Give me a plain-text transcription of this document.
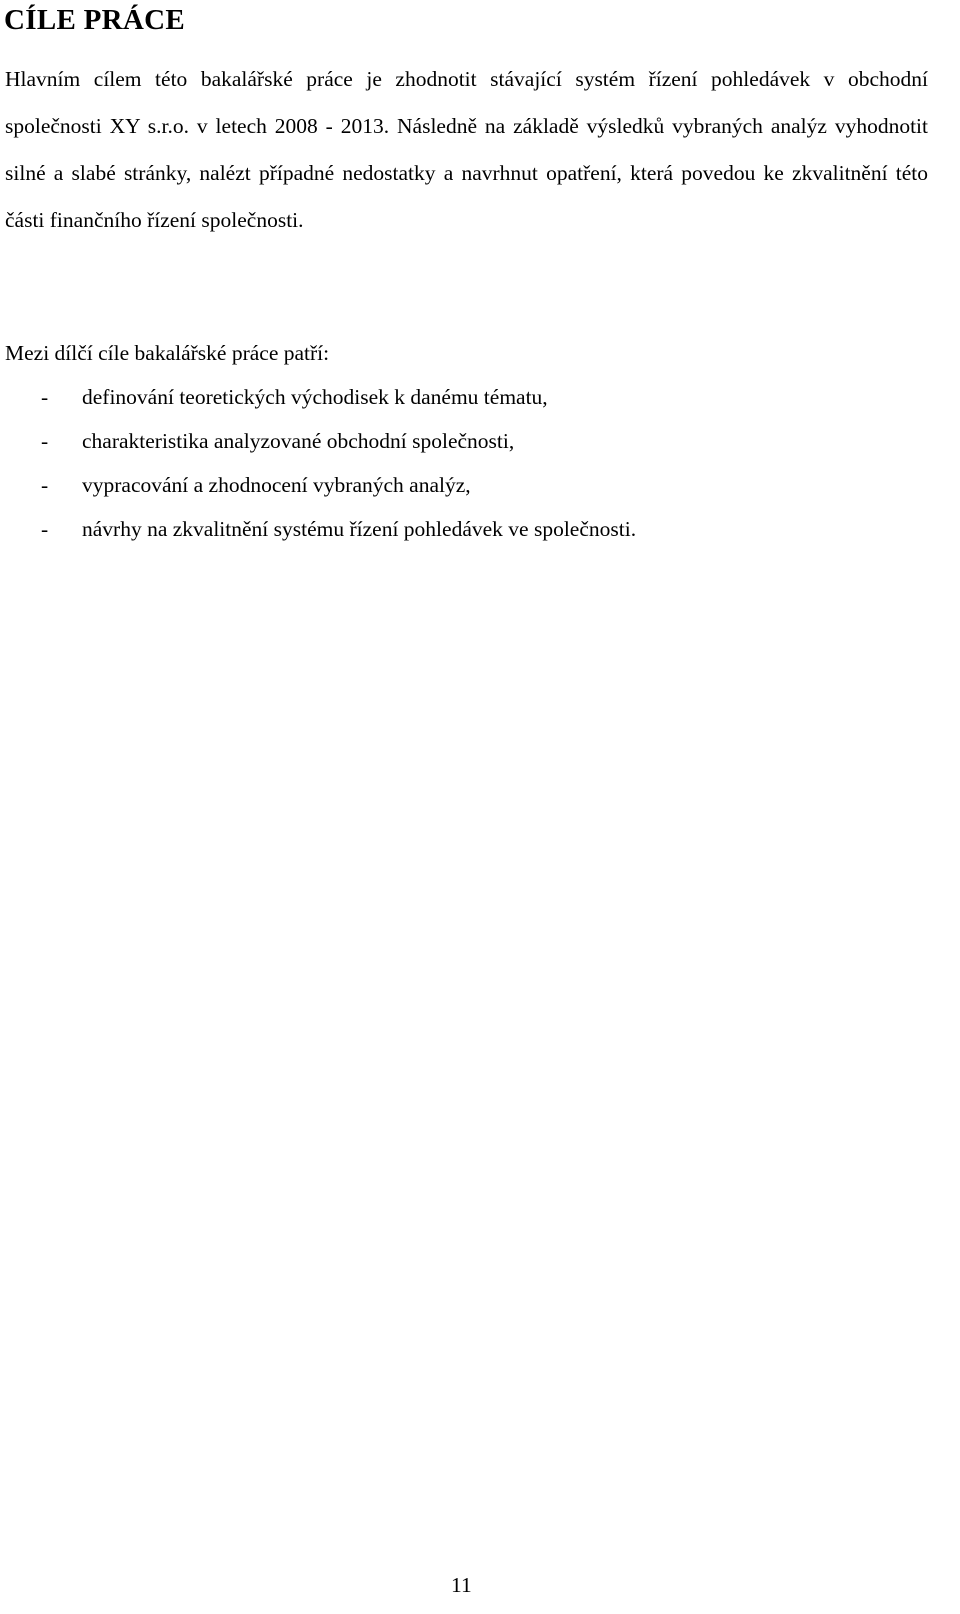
CÍLE PRÁCE

Hlavním cílem této bakalářské práce je zhodnotit stávající systém řízení pohledávek v obchodní společnosti XY s.r.o. v letech 2008 - 2013. Následně na základě výsledků vybraných analýz vyhodnotit silné a slabé stránky, nalézt případné nedostatky a navrhnut opatření, která povedou ke zkvalitnění této části finančního řízení společnosti.

Mezi dílčí cíle bakalářské práce patří:

- definování teoretických východisek k danému tématu,
- charakteristika analyzované obchodní společnosti,
- vypracování a zhodnocení vybraných analýz,
- návrhy na zkvalitnění systému řízení pohledávek ve společnosti.
11
